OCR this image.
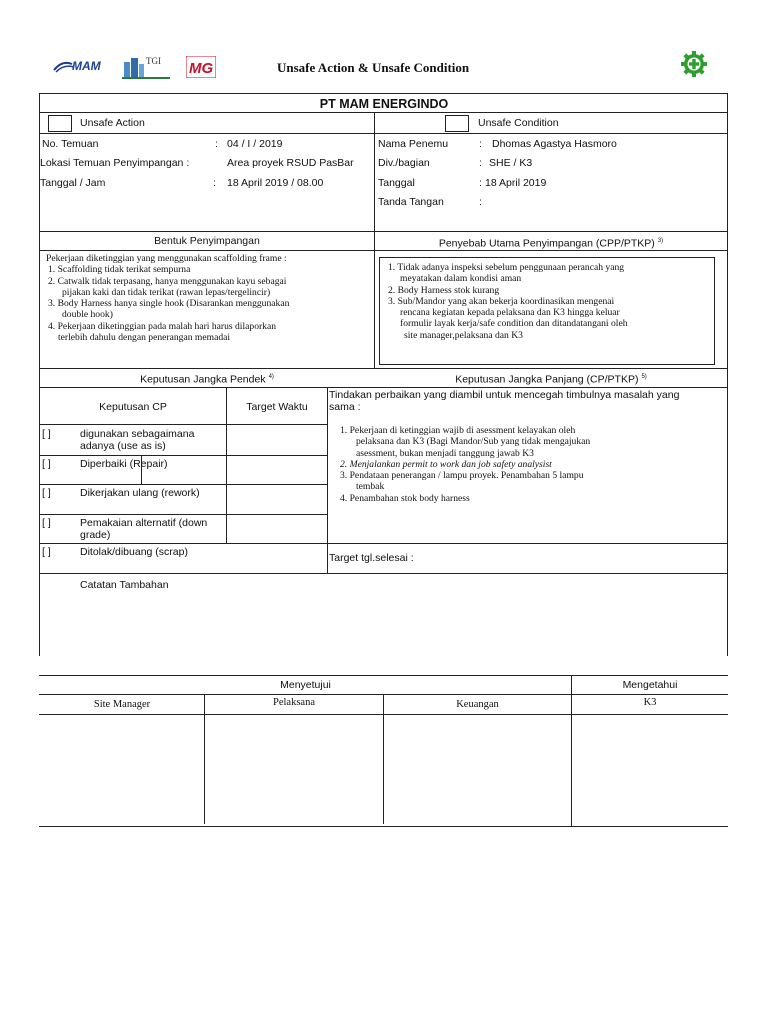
MAM	TGI MG	Unsafe Action & Unsafe Condition
PT MAM ENERGINDO
Unsafe Action	Unsafe Condition
No. Temuan	: 04 / I / 2019
Lokasi Temuan Penyimpangan :	Area proyek RSUD PasBar
Tanggal / Jam	: 18 April 2019 / 08.00
Nama Penemu	: Dhomas Agastya Hasmoro
Div./bagian	: SHE / K3
Tanggal	: 18 April 2019
Tanda Tangan	:
Bentuk Penyimpangan	Penyebab Utama Penyimpangan (CPP/PTKP) $^{3)}$

Pekerjaan diketinggian yang menggunakan scaffolding frame :

1. Scaffolding tidak terikat sempurna

2. Catwalk tidak terpasang, hanya menggunakan kayu sebagai

pijakan kaki dan tidak terikat (rawan lepas/tergelincir)

3. Body Harness hanya single hook (Disarankan menggunakan

double hook)

4. Pekerjaan diketinggian pada malah hari harus dilaporkan

terlebih dahulu dengan penerangan memadai

1. Tidak adanya inspeksi sebelum penggunaan perancah yang

meyatakan dalam kondisi aman

2. Body Harness stok kurang

3. Sub/Mandor yang akan bekerja koordinasikan mengenai

rencana kegiatan kepada pelaksana dan K3 hingga keluar

formulir layak kerja/safe condition dan ditandatangani oleh

site manager,pelaksana dan K3

Keputusan Jangka Pendek $^{4)}$	Keputusan Jangka Panjang (CP/PTKP) $^{5)}$
Keputusan CP	Target Waktu
[ ]	digunakan sebagaimana
adanya (use as is)
[ ]	Diperbaiki (Repair)
[ ]	Dikerjakan ulang (rework)
[ ]	Pemakaian alternatif (down
grade)
[ ]	Ditolak/dibuang (scrap)
Tindakan perbaikan yang diambil untuk mencegah timbulnya masalah yang
sama :

1. Pekerjaan di ketinggian wajib di asessment kelayakan oleh

pelaksana dan K3 (Bagi Mandor/Sub yang tidak mengajukan

asessment, bukan menjadi tanggung jawab K3

2. Menjalankan permit to work dan job safety analysist

3. Pendataan penerangan / lampu proyek. Penambahan 5 lampu

tembak

4. Penambahan stok body harness

Target tgl.selesai :
Catatan Tambahan
Menyetujui	Mengetahui
Site Manager	Pelaksana	Keuangan	K3
